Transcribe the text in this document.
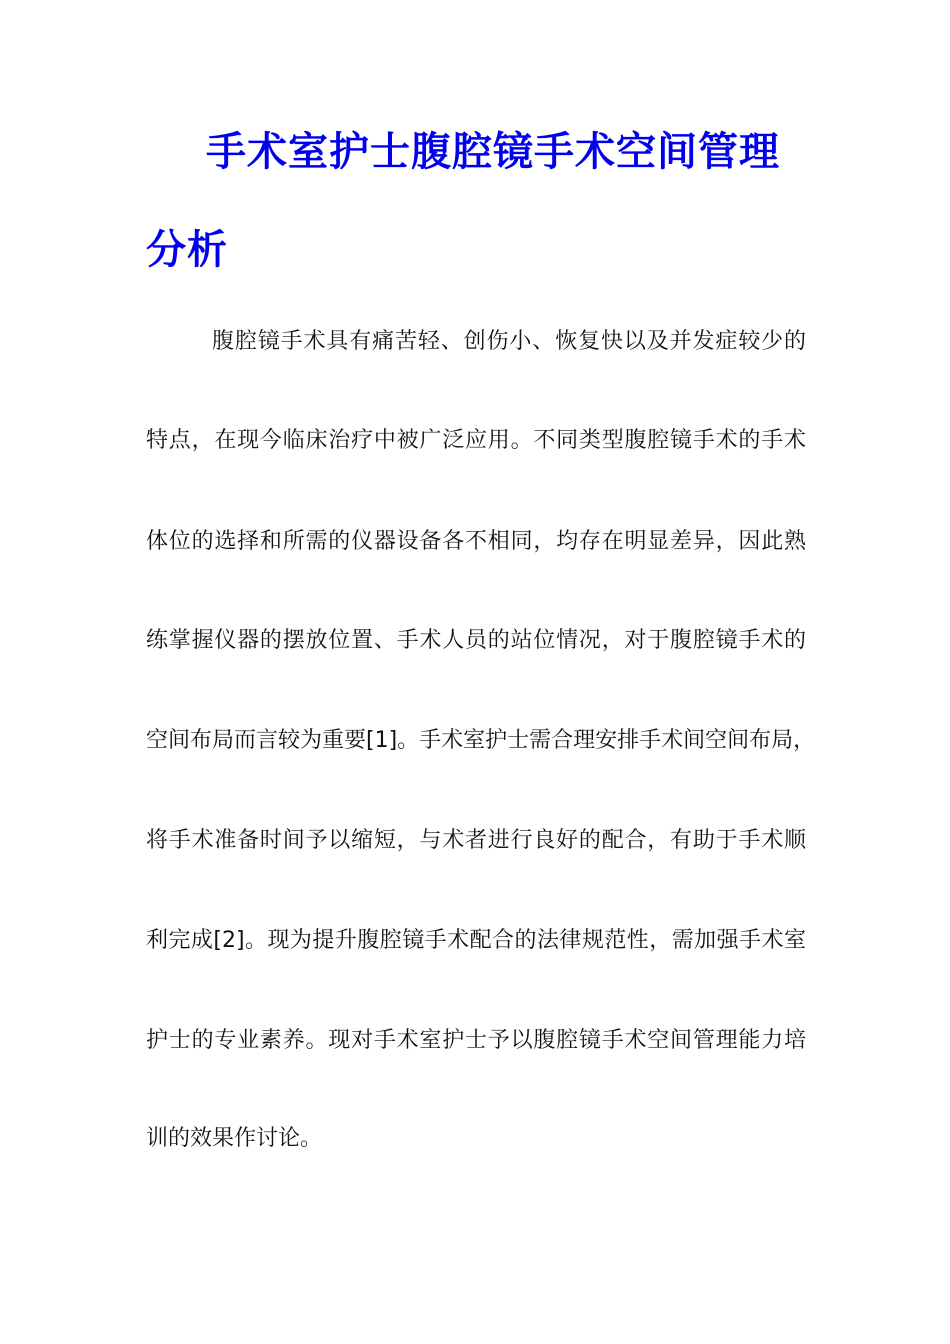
手术室护士腹腔镜手术空间管理
分析
腹腔镜手术具有痛苦轻、创伤小、恢复快以及并发症较少的
特点，在现今临床治疗中被广泛应用。不同类型腹腔镜手术的手术
体位的选择和所需的仪器设备各不相同，均存在明显差异，因此熟
练掌握仪器的摆放位置、手术人员的站位情况，对于腹腔镜手术的
空间布局而言较为重要[1]。手术室护士需合理安排手术间空间布局，
将手术准备时间予以缩短，与术者进行良好的配合，有助于手术顺
利完成[2]。现为提升腹腔镜手术配合的法律规范性，需加强手术室
护士的专业素养。现对手术室护士予以腹腔镜手术空间管理能力培
训的效果作讨论。
